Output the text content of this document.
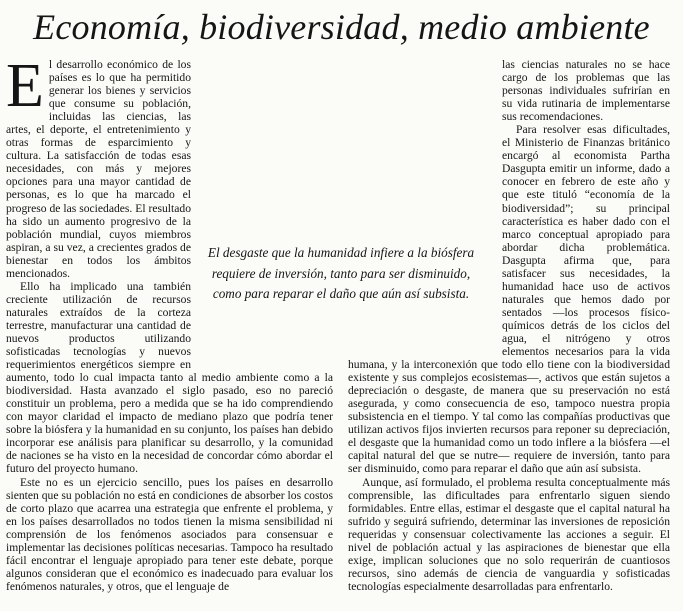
Economía, biodiversidad, medio ambiente

El desarrollo económico de los países es lo que ha permitido generar los bienes y servicios que consume su población, incluidas las ciencias, las artes, el deporte, el entretenimiento y otras formas de esparcimiento y cultura. La satisfacción de todas esas necesidades, con más y mejores opciones para una mayor cantidad de personas, es lo que ha marcado el progreso de las sociedades. El resultado ha sido un aumento progresivo de la población mundial, cuyos miembros aspiran, a su vez, a crecientes grados de bienestar en todos los ámbitos mencionados.

Ello ha implicado una también creciente utilización de recursos naturales extraídos de la corteza terrestre, manufacturar una cantidad de nuevos productos utilizando sofisticadas tecnologías y nuevos requerimientos energéticos siempre en aumento, todo lo cual impacta tanto al medio ambiente como a la biodiversidad. Hasta avanzado el siglo pasado, eso no pareció constituir un problema, pero a medida que se ha ido comprendiendo con mayor claridad el impacto de mediano plazo que podría tener sobre la biósfera y la humanidad en su conjunto, los países han debido incorporar ese análisis para planificar su desarrollo, y la comunidad de naciones se ha visto en la necesidad de concordar cómo abordar el futuro del proyecto humano.

Este no es un ejercicio sencillo, pues los países en desarrollo sienten que su población no está en condiciones de absorber los costos de corto plazo que acarrea una estrategia que enfrente el problema, y en los países desarrollados no todos tienen la misma sensibilidad ni comprensión de los fenómenos asociados para consensuar e implementar las decisiones políticas necesarias. Tampoco ha resultado fácil encontrar el lenguaje apropiado para tener este debate, porque algunos consideran que el económico es inadecuado para evaluar los fenómenos naturales, y otros, que el lenguaje de

las ciencias naturales no se hace cargo de los problemas que las personas individuales sufrirían en su vida rutinaria de implementarse sus recomendaciones.

Para resolver esas dificultades, el Ministerio de Finanzas británico encargó al economista Partha Dasgupta emitir un informe, dado a conocer en febrero de este año y que este tituló “economía de la biodiversidad”; su principal característica es haber dado con el marco conceptual apropiado para abordar dicha problemática. Dasgupta afirma que, para satisfacer sus necesidades, la humanidad hace uso de activos naturales que hemos dado por sentados —los procesos físico-químicos detrás de los ciclos del agua, el nitrógeno y otros elementos necesarios para la vida humana, y la interconexión que todo ello tiene con la biodiversidad existente y sus complejos ecosistemas—, activos que están sujetos a depreciación o desgaste, de manera que su preservación no está asegurada, y como consecuencia de eso, tampoco nuestra propia subsistencia en el tiempo. Y tal como las compañías productivas que utilizan activos fijos invierten recursos para reponer su depreciación, el desgaste que la humanidad como un todo inflere a la biósfera —el capital natural del que se nutre— requiere de inversión, tanto para ser disminuido, como para reparar el daño que aún así subsista.

Aunque, así formulado, el problema resulta conceptualmente más comprensible, las dificultades para enfrentarlo siguen siendo formidables. Entre ellas, estimar el desgaste que el capital natural ha sufrido y seguirá sufriendo, determinar las inversiones de reposición requeridas y consensuar colectivamente las acciones a seguir. El nivel de población actual y las aspiraciones de bienestar que ella exige, implican soluciones que no solo requerirán de cuantiosos recursos, sino además de ciencia de vanguardia y sofisticadas tecnologías especialmente desarrolladas para enfrentarlo.

El desgaste que la humanidad infiere a la biósfera requiere de inversión, tanto para ser disminuido, como para reparar el daño que aún así subsista.
